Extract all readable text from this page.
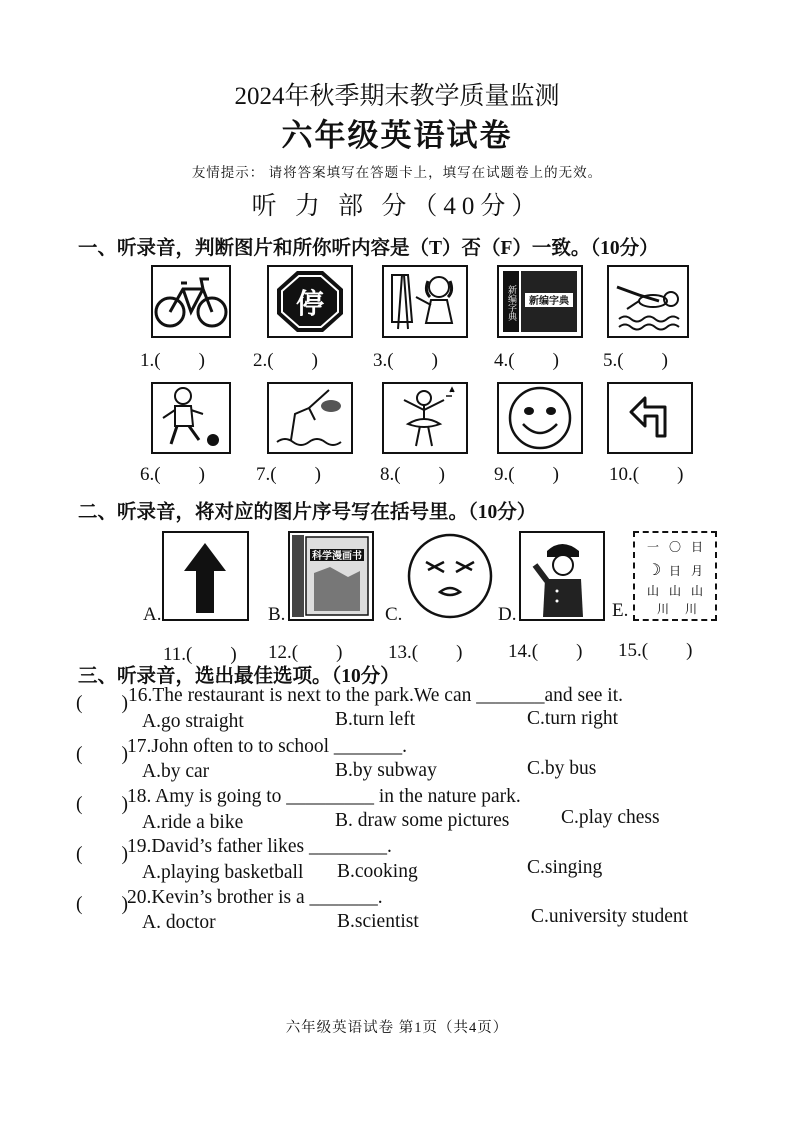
2024年秋季期末教学质量监测
六年级英语试卷
友情提示： 请将答案填写在答题卡上，填写在试题卷上的无效。
听 力 部 分（40分）
一、听录音，判断图片和所你听内容是（T）否（F）一致。（10分）
停	新编字典
新编字典
1.(　　)	2.(　　)	3.(　　)	4.(　　) 5.(　　)
6.(　　)	7.(　　)	8.(　　)	9.(　　)	10.(　　)
二、听录音，将对应的图片序号写在括号里。（10分）
A.	B.
科学漫画书
C.	D.	E.
一 〇 日
☽ 日 月
山 山 山
川 川
11.(　　) 12.(　　) 13.(　　) 14.(　　) 15.(　　)
三、听录音，选出最佳选项。（10分）
(　　) 16.The restaurant is next to the park.We can _______and see it.
A.go straight	B.turn left	C.turn right
(　　) 17.John often to to school _______.
A.by car	B.by subway	C.by bus
(　　) 18. Amy is going to _________ in the nature park.
A.ride a bike	B. draw some pictures	C.play chess
(　　) 19.David’s father likes ________.
A.playing basketball B.cooking	C.singing
(　　) 20.Kevin’s brother is a _______.
A. doctor	B.scientist	C.university student
六年级英语试卷 第1页（共4页）
